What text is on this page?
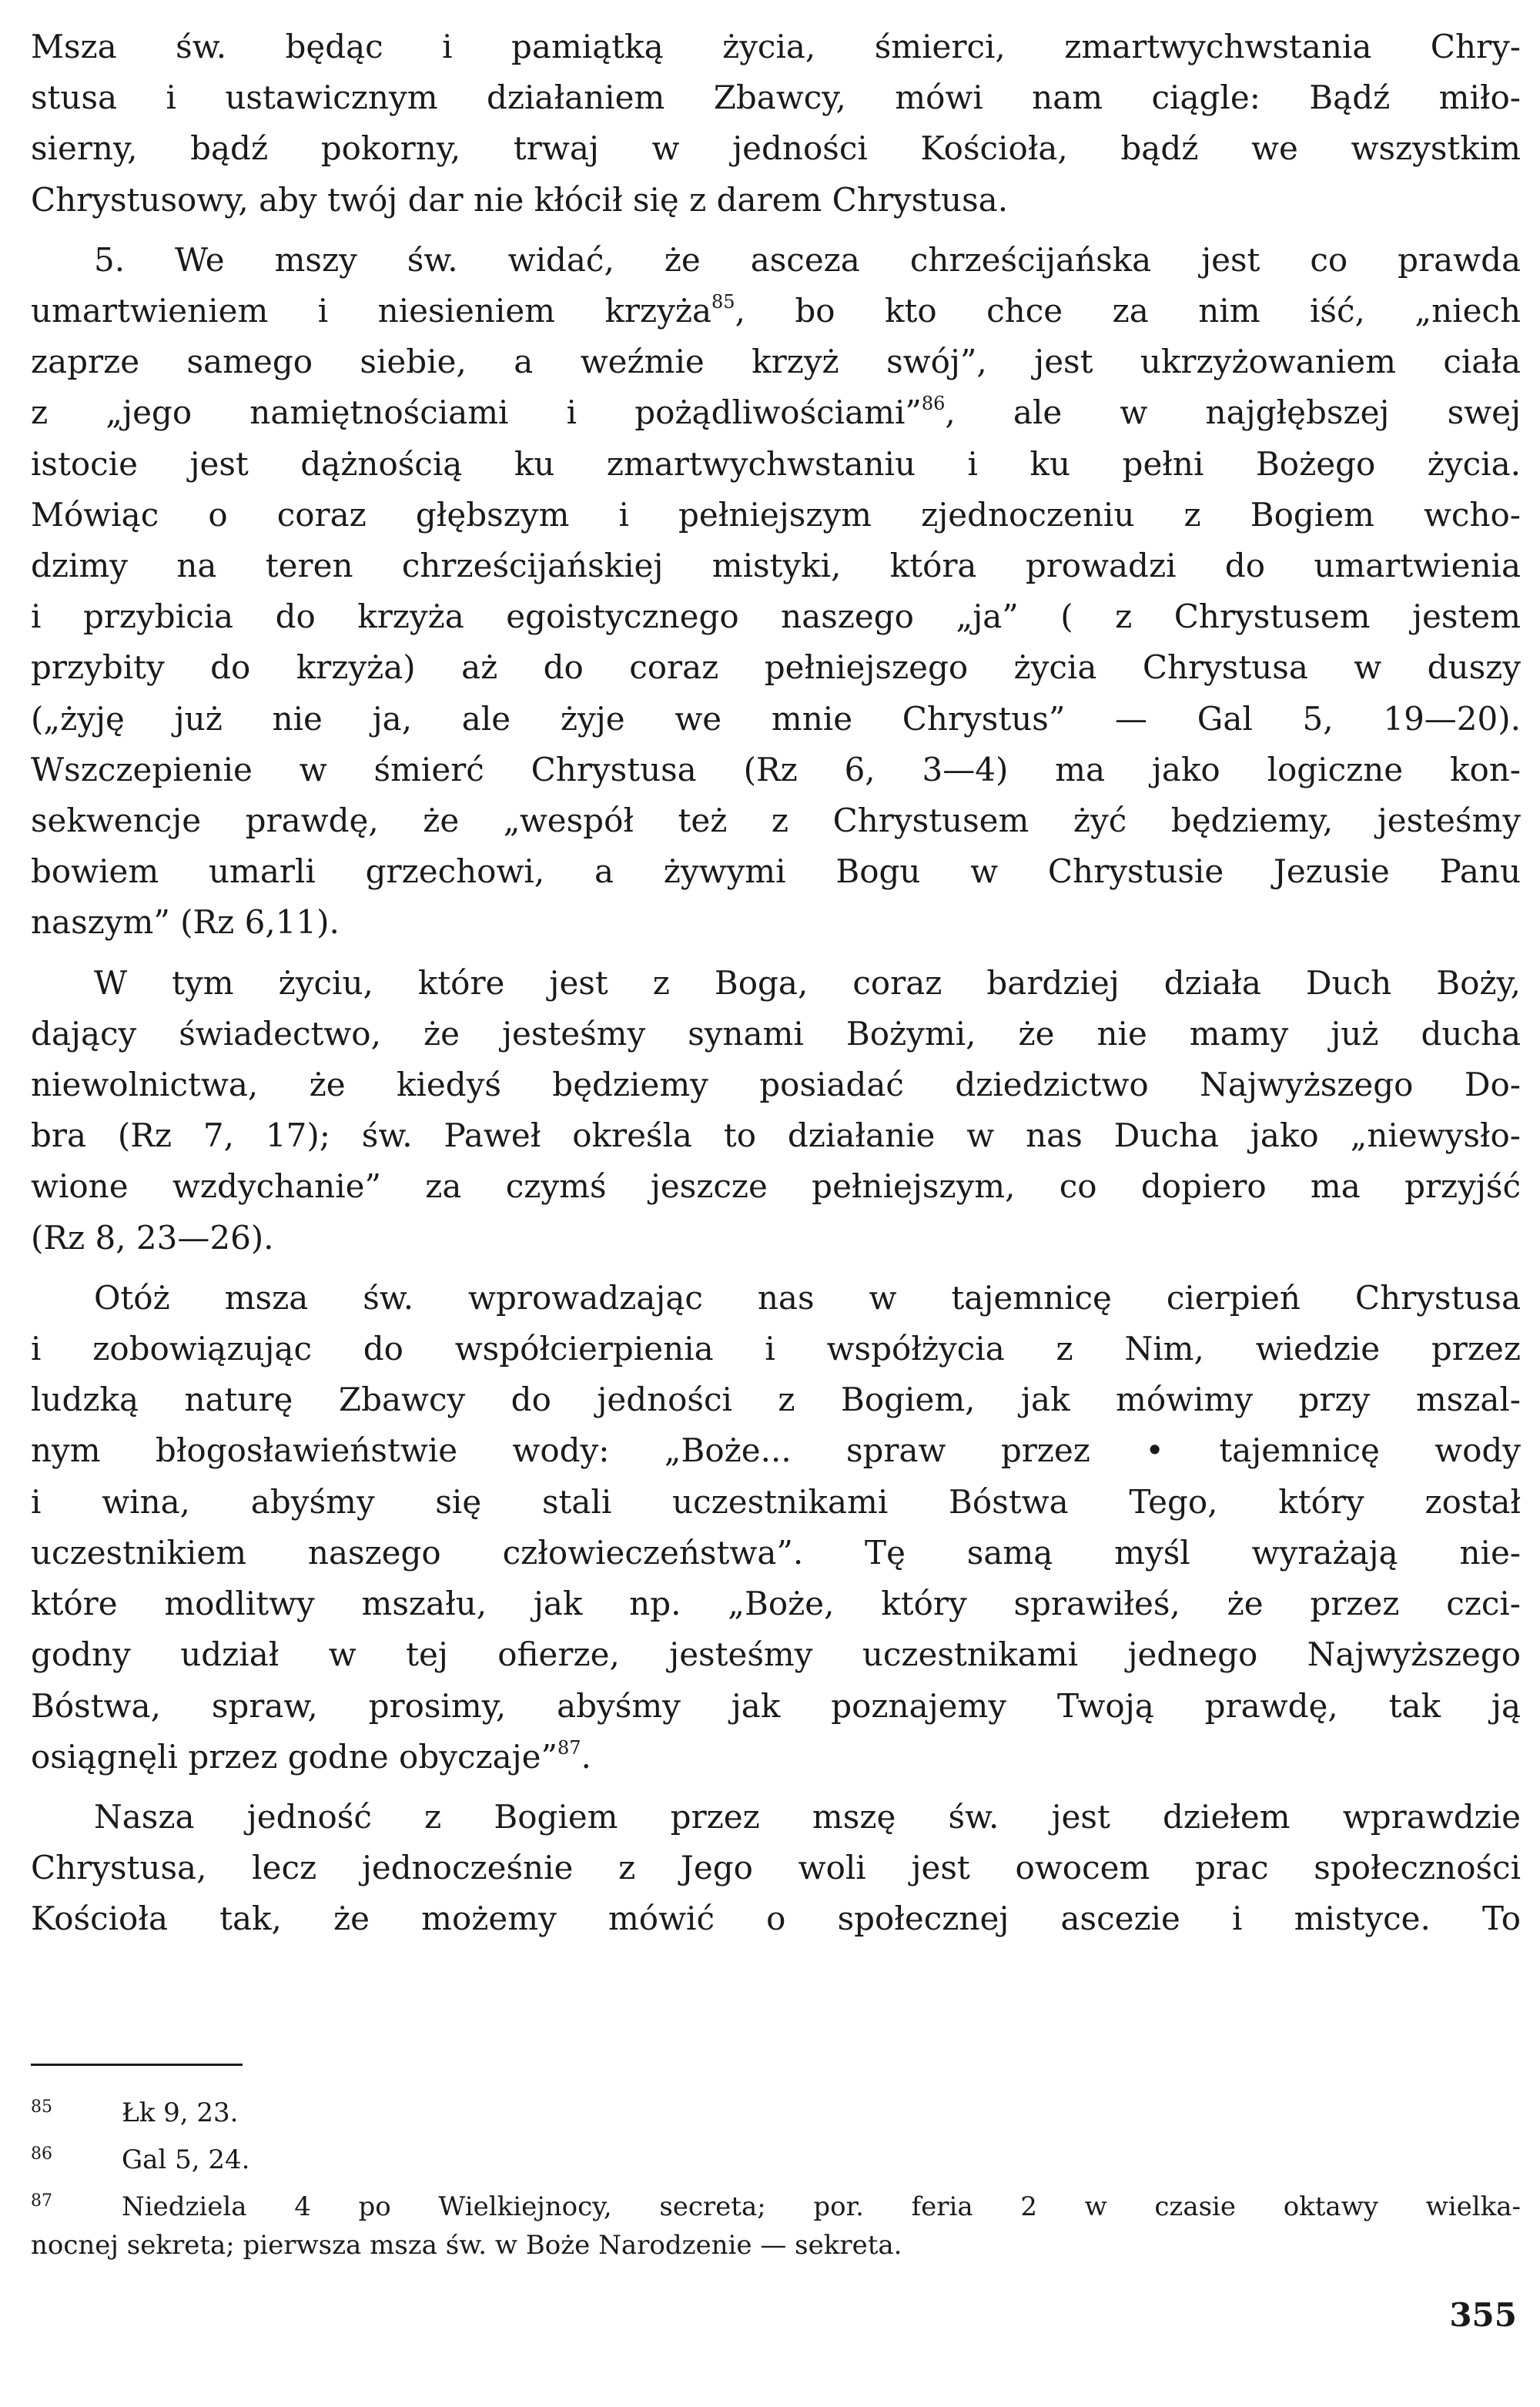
Msza św. będąc i pamiątką życia, śmierci, zmartwychwstania Chry-
stusa i ustawicznym działaniem Zbawcy, mówi nam ciągle: Bądź miło-
sierny, bądź pokorny, trwaj w jedności Kościoła, bądź we wszystkim
Chrystusowy, aby twój dar nie kłócił się z darem Chrystusa.

5. We mszy św. widać, że asceza chrześcijańska jest co prawda
umartwieniem i niesieniem krzyża$^{85}$, bo kto chce za nim iść, „niech
zaprze samego siebie, a weźmie krzyż swój”, jest ukrzyżowaniem ciała
z „jego namiętnościami i pożądliwościami”$^{86}$, ale w najgłębszej swej
istocie jest dążnością ku zmartwychwstaniu i ku pełni Bożego życia.
Mówiąc o coraz głębszym i pełniejszym zjednoczeniu z Bogiem wcho-
dzimy na teren chrześcijańskiej mistyki, która prowadzi do umartwienia
i przybicia do krzyża egoistycznego naszego „ja” ( z Chrystusem jestem
przybity do krzyża) aż do coraz pełniejszego życia Chrystusa w duszy
(„żyję już nie ja, ale żyje we mnie Chrystus” — Gal 5, 19—20).
Wszczepienie w śmierć Chrystusa (Rz 6, 3—4) ma jako logiczne kon-
sekwencje prawdę, że „wespół też z Chrystusem żyć będziemy, jesteśmy
bowiem umarli grzechowi, a żywymi Bogu w Chrystusie Jezusie Panu
naszym” (Rz 6,11).

W tym życiu, które jest z Boga, coraz bardziej działa Duch Boży,
dający świadectwo, że jesteśmy synami Bożymi, że nie mamy już ducha
niewolnictwa, że kiedyś będziemy posiadać dziedzictwo Najwyższego Do-
bra (Rz 7, 17); św. Paweł określa to działanie w nas Ducha jako „niewysło-
wione wzdychanie” za czymś jeszcze pełniejszym, co dopiero ma przyjść
(Rz 8, 23—26).

Otóż msza św. wprowadzając nas w tajemnicę cierpień Chrystusa
i zobowiązując do współcierpienia i współżycia z Nim, wiedzie przez
ludzką naturę Zbawcy do jedności z Bogiem, jak mówimy przy mszal-
nym błogosławieństwie wody: „Boże... spraw przez • tajemnicę wody
i wina, abyśmy się stali uczestnikami Bóstwa Tego, który został
uczestnikiem naszego człowieczeństwa”. Tę samą myśl wyrażają nie-
które modlitwy mszału, jak np. „Boże, który sprawiłeś, że przez czci-
godny udział w tej ofierze, jesteśmy uczestnikami jednego Najwyższego
Bóstwa, spraw, prosimy, abyśmy jak poznajemy Twoją prawdę, tak ją
osiągnęli przez godne obyczaje”$^{87}$.

Nasza jedność z Bogiem przez mszę św. jest dziełem wprawdzie
Chrystusa, lecz jednocześnie z Jego woli jest owocem prac społeczności
Kościoła tak, że możemy mówić o społecznej ascezie i mistyce. To

85	Łk 9, 23.
86	Gal 5, 24.
87	Niedziela 4 po Wielkiejnocy, secreta; por. feria 2 w czasie oktawy wielka-
nocnej sekreta; pierwsza msza św. w Boże Narodzenie — sekreta.
355
